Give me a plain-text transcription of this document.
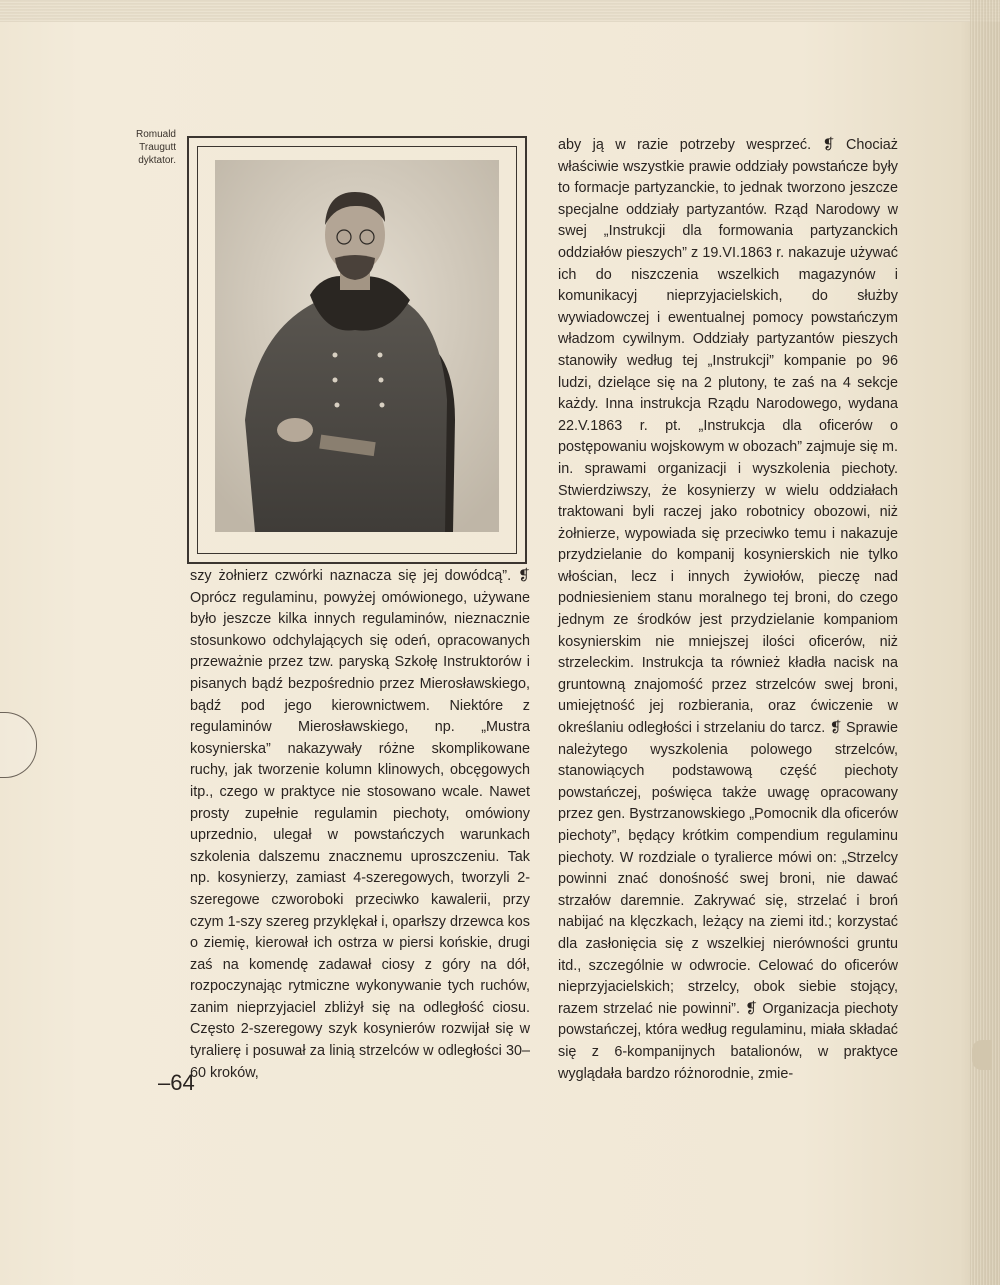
Romuald Traugutt dyktator.

szy żołnierz czwórki naznacza się jej dowódcą”. ❡ Oprócz regulaminu, powyżej omówionego, używane było jeszcze kilka innych regulaminów, nieznacznie stosunkowo odchylających się odeń, opracowanych przeważnie przez tzw. paryską Szkołę Instruktorów i pisanych bądź bezpośrednio przez Mierosławskiego, bądź pod jego kierownictwem. Niektóre z regulaminów Mierosławskiego, np. „Mustra kosynierska” nakazywały różne skomplikowane ruchy, jak tworzenie kolumn klinowych, obcęgowych itp., czego w praktyce nie stosowano wcale. Nawet prosty zupełnie regulamin piechoty, omówiony uprzednio, ulegał w powstańczych warunkach szkolenia dalszemu znacznemu uproszczeniu. Tak np. kosynierzy, zamiast 4-szeregowych, tworzyli 2-szeregowe czworoboki przeciwko kawalerii, przy czym 1-szy szereg przyklękał i, oparłszy drzewca kos o ziemię, kierował ich ostrza w piersi końskie, drugi zaś na komendę zadawał ciosy z góry na dół, rozpoczynając rytmiczne wykonywanie tych ruchów, zanim nieprzyjaciel zbliżył się na odległość ciosu. Często 2-szeregowy szyk kosynierów rozwijał się w tyralierę i posuwał za linią strzelców w odległości 30–60 kroków,

aby ją w razie potrzeby wesprzeć. ❡ Chociaż właściwie wszystkie prawie oddziały powstańcze były to formacje partyzanckie, to jednak tworzono jeszcze specjalne oddziały partyzantów. Rząd Narodowy w swej „Instrukcji dla formowania partyzanckich oddziałów pieszych” z 19.VI.1863 r. nakazuje używać ich do niszczenia wszelkich magazynów i komunikacyj nieprzyjacielskich, do służby wywiadowczej i ewentualnej pomocy powstańczym władzom cywilnym. Oddziały partyzantów pieszych stanowiły według tej „Instrukcji” kompanie po 96 ludzi, dzielące się na 2 plutony, te zaś na 4 sekcje każdy. Inna instrukcja Rządu Narodowego, wydana 22.V.1863 r. pt. „Instrukcja dla oficerów o postępowaniu wojskowym w obozach” zajmuje się m. in. sprawami organizacji i wyszkolenia piechoty. Stwierdziwszy, że kosynierzy w wielu oddziałach traktowani byli raczej jako robotnicy obozowi, niż żołnierze, wypowiada się przeciwko temu i nakazuje przydzielanie do kompanij kosynierskich nie tylko włościan, lecz i innych żywiołów, pieczę nad podniesieniem stanu moralnego tej broni, do czego jednym ze środków jest przydzielanie kompaniom kosynierskim nie mniejszej ilości oficerów, niż strzeleckim. Instrukcja ta również kładła nacisk na gruntowną znajomość przez strzelców swej broni, umiejętność jej rozbierania, oraz ćwiczenie w określaniu odległości i strzelaniu do tarcz. ❡ Sprawie należytego wyszkolenia polowego strzelców, stanowiących podstawową część piechoty powstańczej, poświęca także uwagę opracowany przez gen. Bystrzanowskiego „Pomocnik dla oficerów piechoty”, będący krótkim compendium regulaminu piechoty. W rozdziale o tyralierce mówi on: „Strzelcy powinni znać donośność swej broni, nie dawać strzałów daremnie. Zakrywać się, strzelać i broń nabijać na klęczkach, leżący na ziemi itd.; korzystać dla zasłonięcia się z wszelkiej nierówności gruntu itd., szczególnie w odwrocie. Celować do oficerów nieprzyjacielskich; strzelcy, obok siebie stojący, razem strzelać nie powinni”. ❡ Organizacja piechoty powstańczej, która według regulaminu, miała składać się z 6-kompanijnych batalionów, w praktyce wyglądała bardzo różnorodnie, zmie-

–64
